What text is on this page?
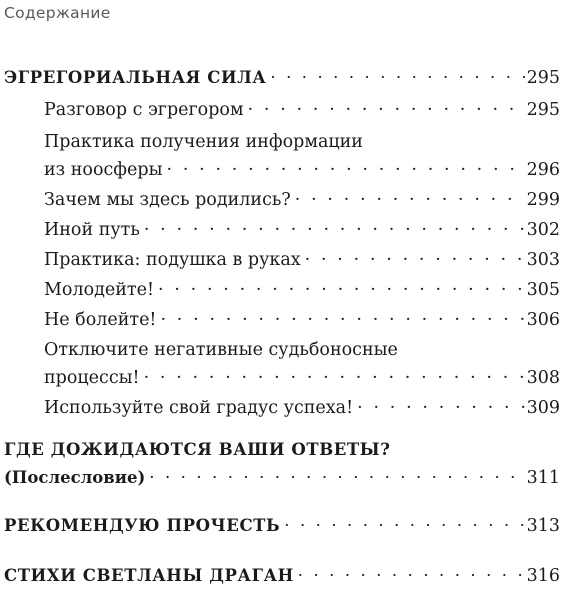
Содержание
ЭГРЕГОРИАЛЬНАЯ СИЛА · · ·	295
Разговор с эгрегором · · ·	295
Практика получения информации
из ноосферы · · ·	296
Зачем мы здесь родились? · · ·	299
Иной путь · · ·	302
Практика: подушка в руках · · ·	303
Молодейте! · · ·	305
Не болейте! · · ·	306
Отключите негативные судьбоносные
процессы! · · ·	308
Используйте свой градус успеха! · · ·	309
ГДЕ ДОЖИДАЮТСЯ ВАШИ ОТВЕТЫ?
(Послесловие) · · ·	311
РЕКОМЕНДУЮ ПРОЧЕСТЬ · · ·	313
СТИХИ СВЕТЛАНЫ ДРАГАН · · ·	316
